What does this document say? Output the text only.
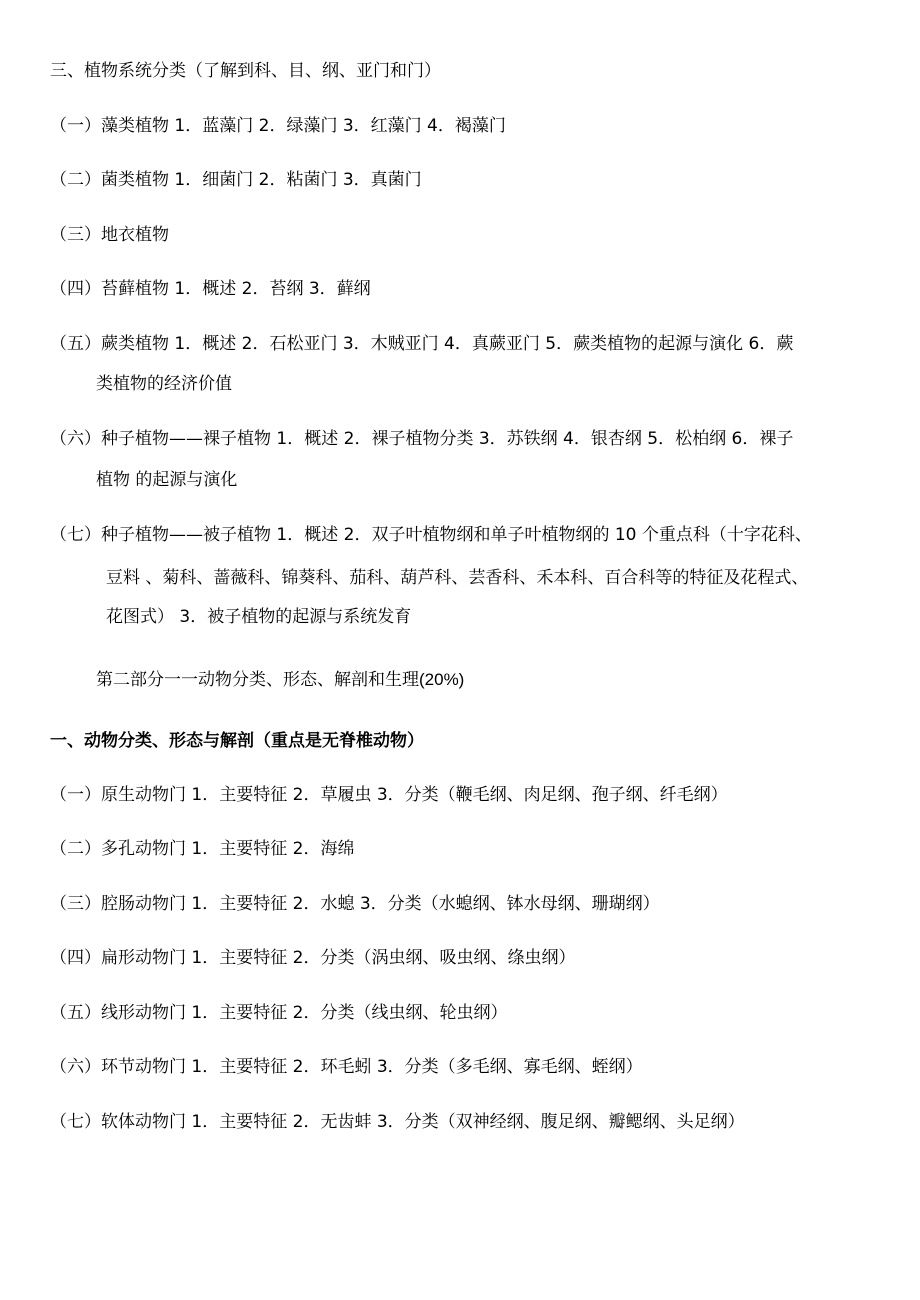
三、植物系统分类（了解到科、目、纲、亚门和门）
（一）藻类植物 1．蓝藻门 2．绿藻门 3．红藻门 4．褐藻门
（二）菌类植物 1．细菌门 2．粘菌门 3．真菌门
（三）地衣植物
（四）苔藓植物 1．概述 2．苔纲 3．藓纲
（五）蕨类植物 1．概述 2．石松亚门 3．木贼亚门 4．真蕨亚门 5．蕨类植物的起源与演化 6．蕨
类植物的经济价值
（六）种子植物——裸子植物 1．概述 2．裸子植物分类 3．苏铁纲 4．银杏纲 5．松柏纲 6．裸子
植物 的起源与演化
（七）种子植物——被子植物 1．概述 2．双子叶植物纲和单子叶植物纲的 10 个重点科（十字花科、
豆料 、菊科、蔷薇科、锦葵科、茄科、葫芦科、芸香科、禾本科、百合科等的特征及花程式、
花图式） 3．被子植物的起源与系统发育
第二部分一一动物分类、形态、解剖和生理(20%)
一、动物分类、形态与解剖（重点是无脊椎动物）
（一）原生动物门 1．主要特征 2．草履虫 3．分类（鞭毛纲、肉足纲、孢子纲、纤毛纲）
（二）多孔动物门 1．主要特征 2．海绵
（三）腔肠动物门 1．主要特征 2．水螅 3．分类（水螅纲、钵水母纲、珊瑚纲）
（四）扁形动物门 1．主要特征 2．分类（涡虫纲、吸虫纲、绦虫纲）
（五）线形动物门 1．主要特征 2．分类（线虫纲、轮虫纲）
（六）环节动物门 1．主要特征 2．环毛蚓 3．分类（多毛纲、寡毛纲、蛭纲）
（七）软体动物门 1．主要特征 2．无齿蚌 3．分类（双神经纲、腹足纲、瓣鳃纲、头足纲）
